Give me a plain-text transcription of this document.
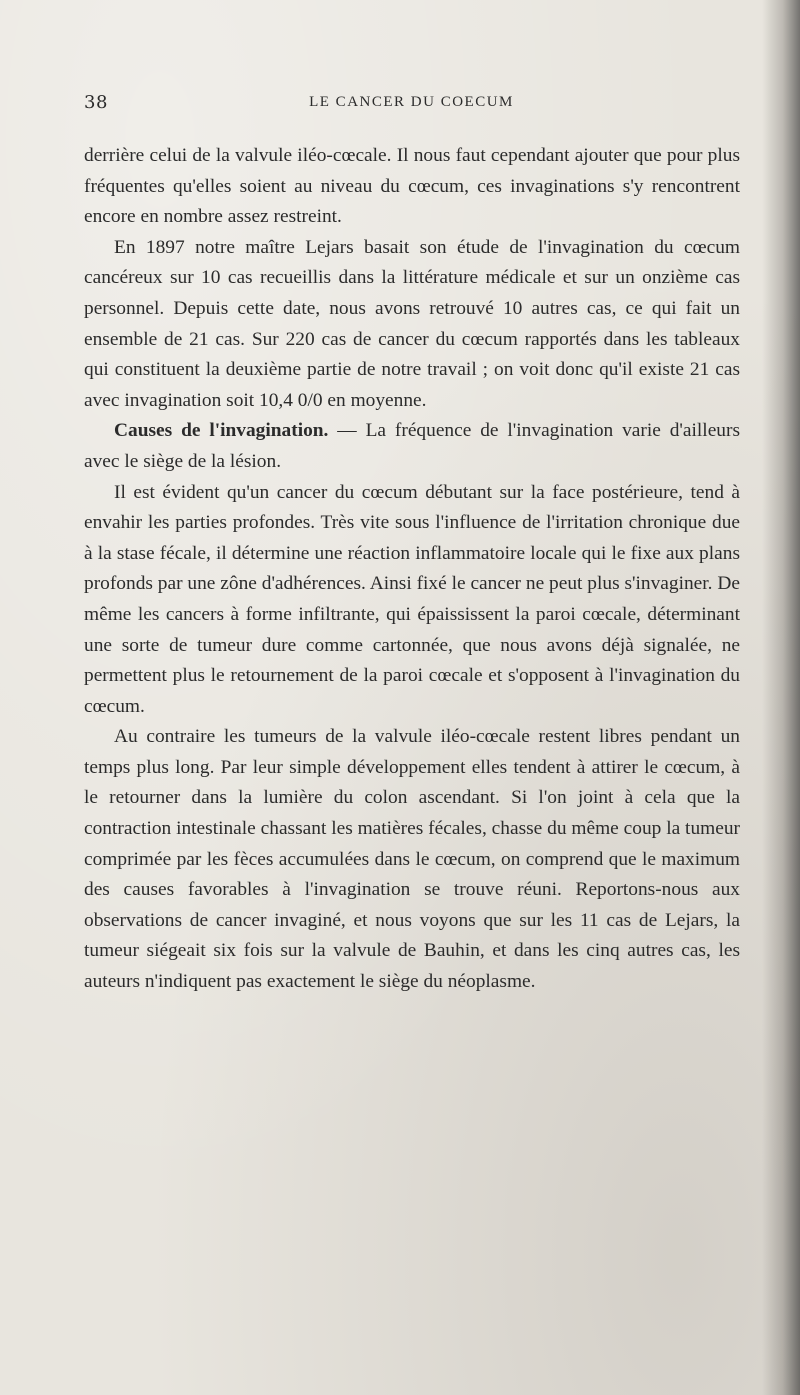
38	LE CANCER DU COECUM

derrière celui de la valvule iléo-cœcale. Il nous faut cependant ajouter que pour plus fréquentes qu'elles soient au niveau du cœcum, ces invaginations s'y rencontrent encore en nombre assez restreint.

En 1897 notre maître Lejars basait son étude de l'invagination du cœcum cancéreux sur 10 cas recueillis dans la littérature médicale et sur un onzième cas personnel. Depuis cette date, nous avons retrouvé 10 autres cas, ce qui fait un ensemble de 21 cas. Sur 220 cas de cancer du cœcum rapportés dans les tableaux qui constituent la deuxième partie de notre travail ; on voit donc qu'il existe 21 cas avec invagination soit 10,4 0/0 en moyenne.

Causes de l'invagination. — La fréquence de l'invagination varie d'ailleurs avec le siège de la lésion.

Il est évident qu'un cancer du cœcum débutant sur la face postérieure, tend à envahir les parties profondes. Très vite sous l'influence de l'irritation chronique due à la stase fécale, il détermine une réaction inflammatoire locale qui le fixe aux plans profonds par une zône d'adhérences. Ainsi fixé le cancer ne peut plus s'invaginer. De même les cancers à forme infiltrante, qui épaississent la paroi cœcale, déterminant une sorte de tumeur dure comme cartonnée, que nous avons déjà signalée, ne permettent plus le retournement de la paroi cœcale et s'opposent à l'invagination du cœcum.

Au contraire les tumeurs de la valvule iléo-cœcale restent libres pendant un temps plus long. Par leur simple développement elles tendent à attirer le cœcum, à le retourner dans la lumière du colon ascendant. Si l'on joint à cela que la contraction intestinale chassant les matières fécales, chasse du même coup la tumeur comprimée par les fèces accumulées dans le cœcum, on comprend que le maximum des causes favorables à l'invagination se trouve réuni. Reportons-nous aux observations de cancer invaginé, et nous voyons que sur les 11 cas de Lejars, la tumeur siégeait six fois sur la valvule de Bauhin, et dans les cinq autres cas, les auteurs n'indiquent pas exactement le siège du néoplasme.
